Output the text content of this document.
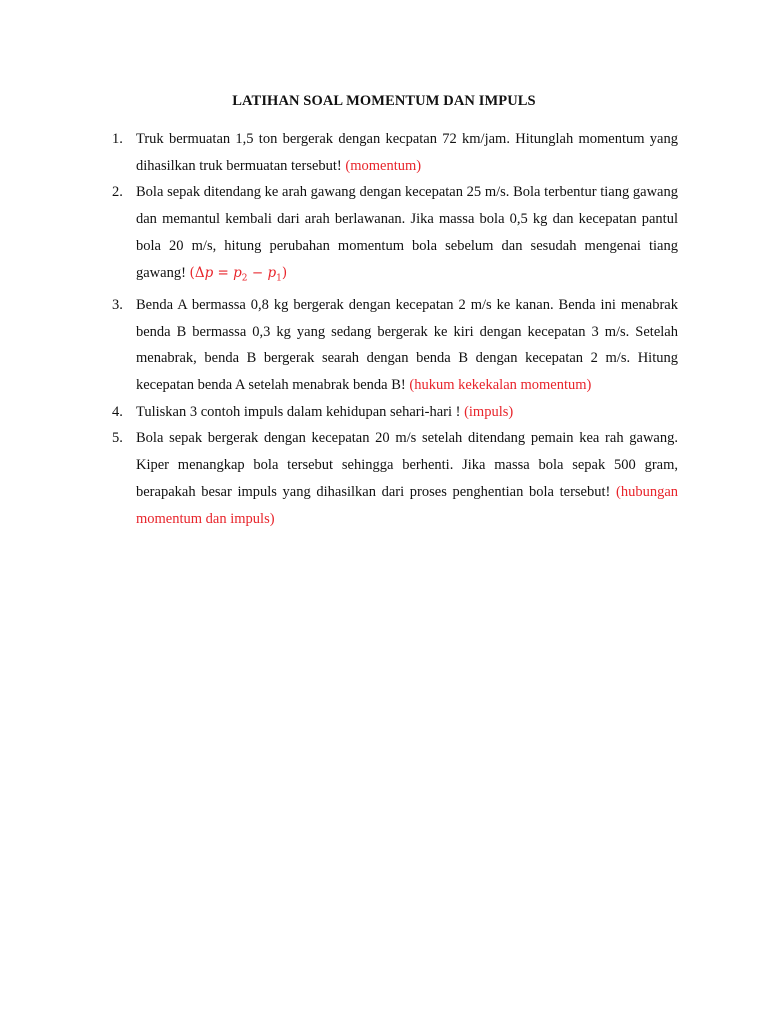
LATIHAN SOAL MOMENTUM DAN IMPULS
1. Truk bermuatan 1,5 ton bergerak dengan kecpatan 72 km/jam. Hitunglah momentum yang dihasilkan truk bermuatan tersebut! (momentum)
2. Bola sepak ditendang ke arah gawang dengan kecepatan 25 m/s. Bola terbentur tiang gawang dan memantul kembali dari arah berlawanan. Jika massa bola 0,5 kg dan kecepatan pantul bola 20 m/s, hitung perubahan momentum bola sebelum dan sesudah mengenai tiang gawang! $(\Delta p = p_2 - p_1)$
3. Benda A bermassa 0,8 kg bergerak dengan kecepatan 2 m/s ke kanan. Benda ini menabrak benda B bermassa 0,3 kg yang sedang bergerak ke kiri dengan kecepatan 3 m/s. Setelah menabrak, benda B bergerak searah dengan benda B dengan kecepatan 2 m/s. Hitung kecepatan benda A setelah menabrak benda B! (hukum kekekalan momentum)
4. Tuliskan 3 contoh impuls dalam kehidupan sehari-hari ! (impuls)
5. Bola sepak bergerak dengan kecepatan 20 m/s setelah ditendang pemain kea rah gawang. Kiper menangkap bola tersebut sehingga berhenti. Jika massa bola sepak 500 gram, berapakah besar impuls yang dihasilkan dari proses penghentian bola tersebut! (hubungan momentum dan impuls)
